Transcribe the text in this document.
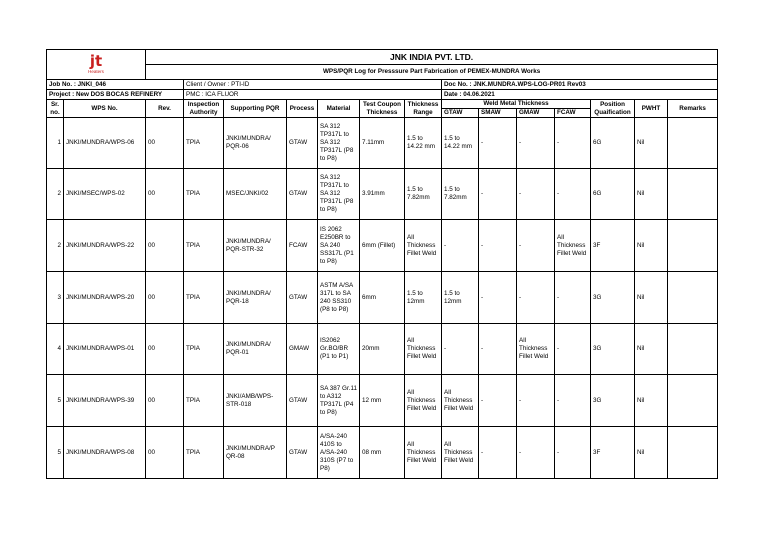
jt
Heaters		JNK INDIA PVT. LTD.													
		WPS/PQR Log for Presssure Part Fabrication of PEMEX-MUNDRA Works													
Job No. : JNKI_046			Client / Owner : PTI-ID						Doc No. : JNK.MUNDRA.WPS-LOG-PR01 Rev03						
Project : New DOS BOCAS REFINERY			PMC : ICA FLUOR						Date : 04.06.2021						
Sr. no.	WPS No.	Rev.	Inspection Authority	Supporting PQR	Process	Material	Test Coupon Thickness	Thickness Range	Weld Metal Thickness				Position Quaification	PWHT	Remarks
									GTAW	SMAW	GMAW	FCAW			
1	JNKI/MUNDRA/WPS-06	00	TPIA	JNKI/MUNDRA/ PQR-06	GTAW	SA 312 TP317L to SA 312 TP317L (P8 to P8)	7.11mm	1.5 to 14.22 mm	1.5 to 14.22 mm	-	-	-	6G	Nil	
2	JNKI/MSEC/WPS-02	00	TPIA	MSEC/JNKI/02	GTAW	SA 312 TP317L to SA 312 TP317L (P8 to P8)	3.91mm	1.5 to 7.82mm	1.5 to 7.82mm	-	-	-	6G	Nil	
2	JNKI/MUNDRA/WPS-22	00	TPIA	JNKI/MUNDRA/ PQR-STR-32	FCAW	IS 2062 E250BR to SA 240 SS317L (P1 to P8)	6mm (Fillet)	All Thickness Fillet Weld	-	-	-	All Thickness Fillet Weld	3F	Nil	
3	JNKI/MUNDRA/WPS-20	00	TPIA	JNKI/MUNDRA/ PQR-18	GTAW	ASTM A/SA 317L to SA 240 SS310 (P8 to P8)	6mm	1.5 to 12mm	1.5 to 12mm	-	-	-	3G	Nil	
4	JNKI/MUNDRA/WPS-01	00	TPIA	JNKI/MUNDRA/ PQR-01	GMAW	IS2062 Gr.BO/BR (P1 to P1)	20mm	All Thickness Fillet Weld	-	-	All Thickness Fillet Weld	-	3G	Nil	
5	JNKI/MUNDRA/WPS-39	00	TPIA	JNKI/AMB/WPS-STR-018	GTAW	SA 387 Gr.11 to A312 TP317L (P4 to P8)	12 mm	All Thickness Fillet Weld	All Thickness Fillet Weld	-	-	-	3G	Nil	
5	JNKI/MUNDRA/WPS-08	00	TPIA	JNKI/MUNDRA/P QR-08	GTAW	A/SA-240 410S to A/SA-240 310S (P7 to P8)	08 mm	All Thickness Fillet Weld	All Thickness Fillet Weld	-	-	-	3F	Nil	
